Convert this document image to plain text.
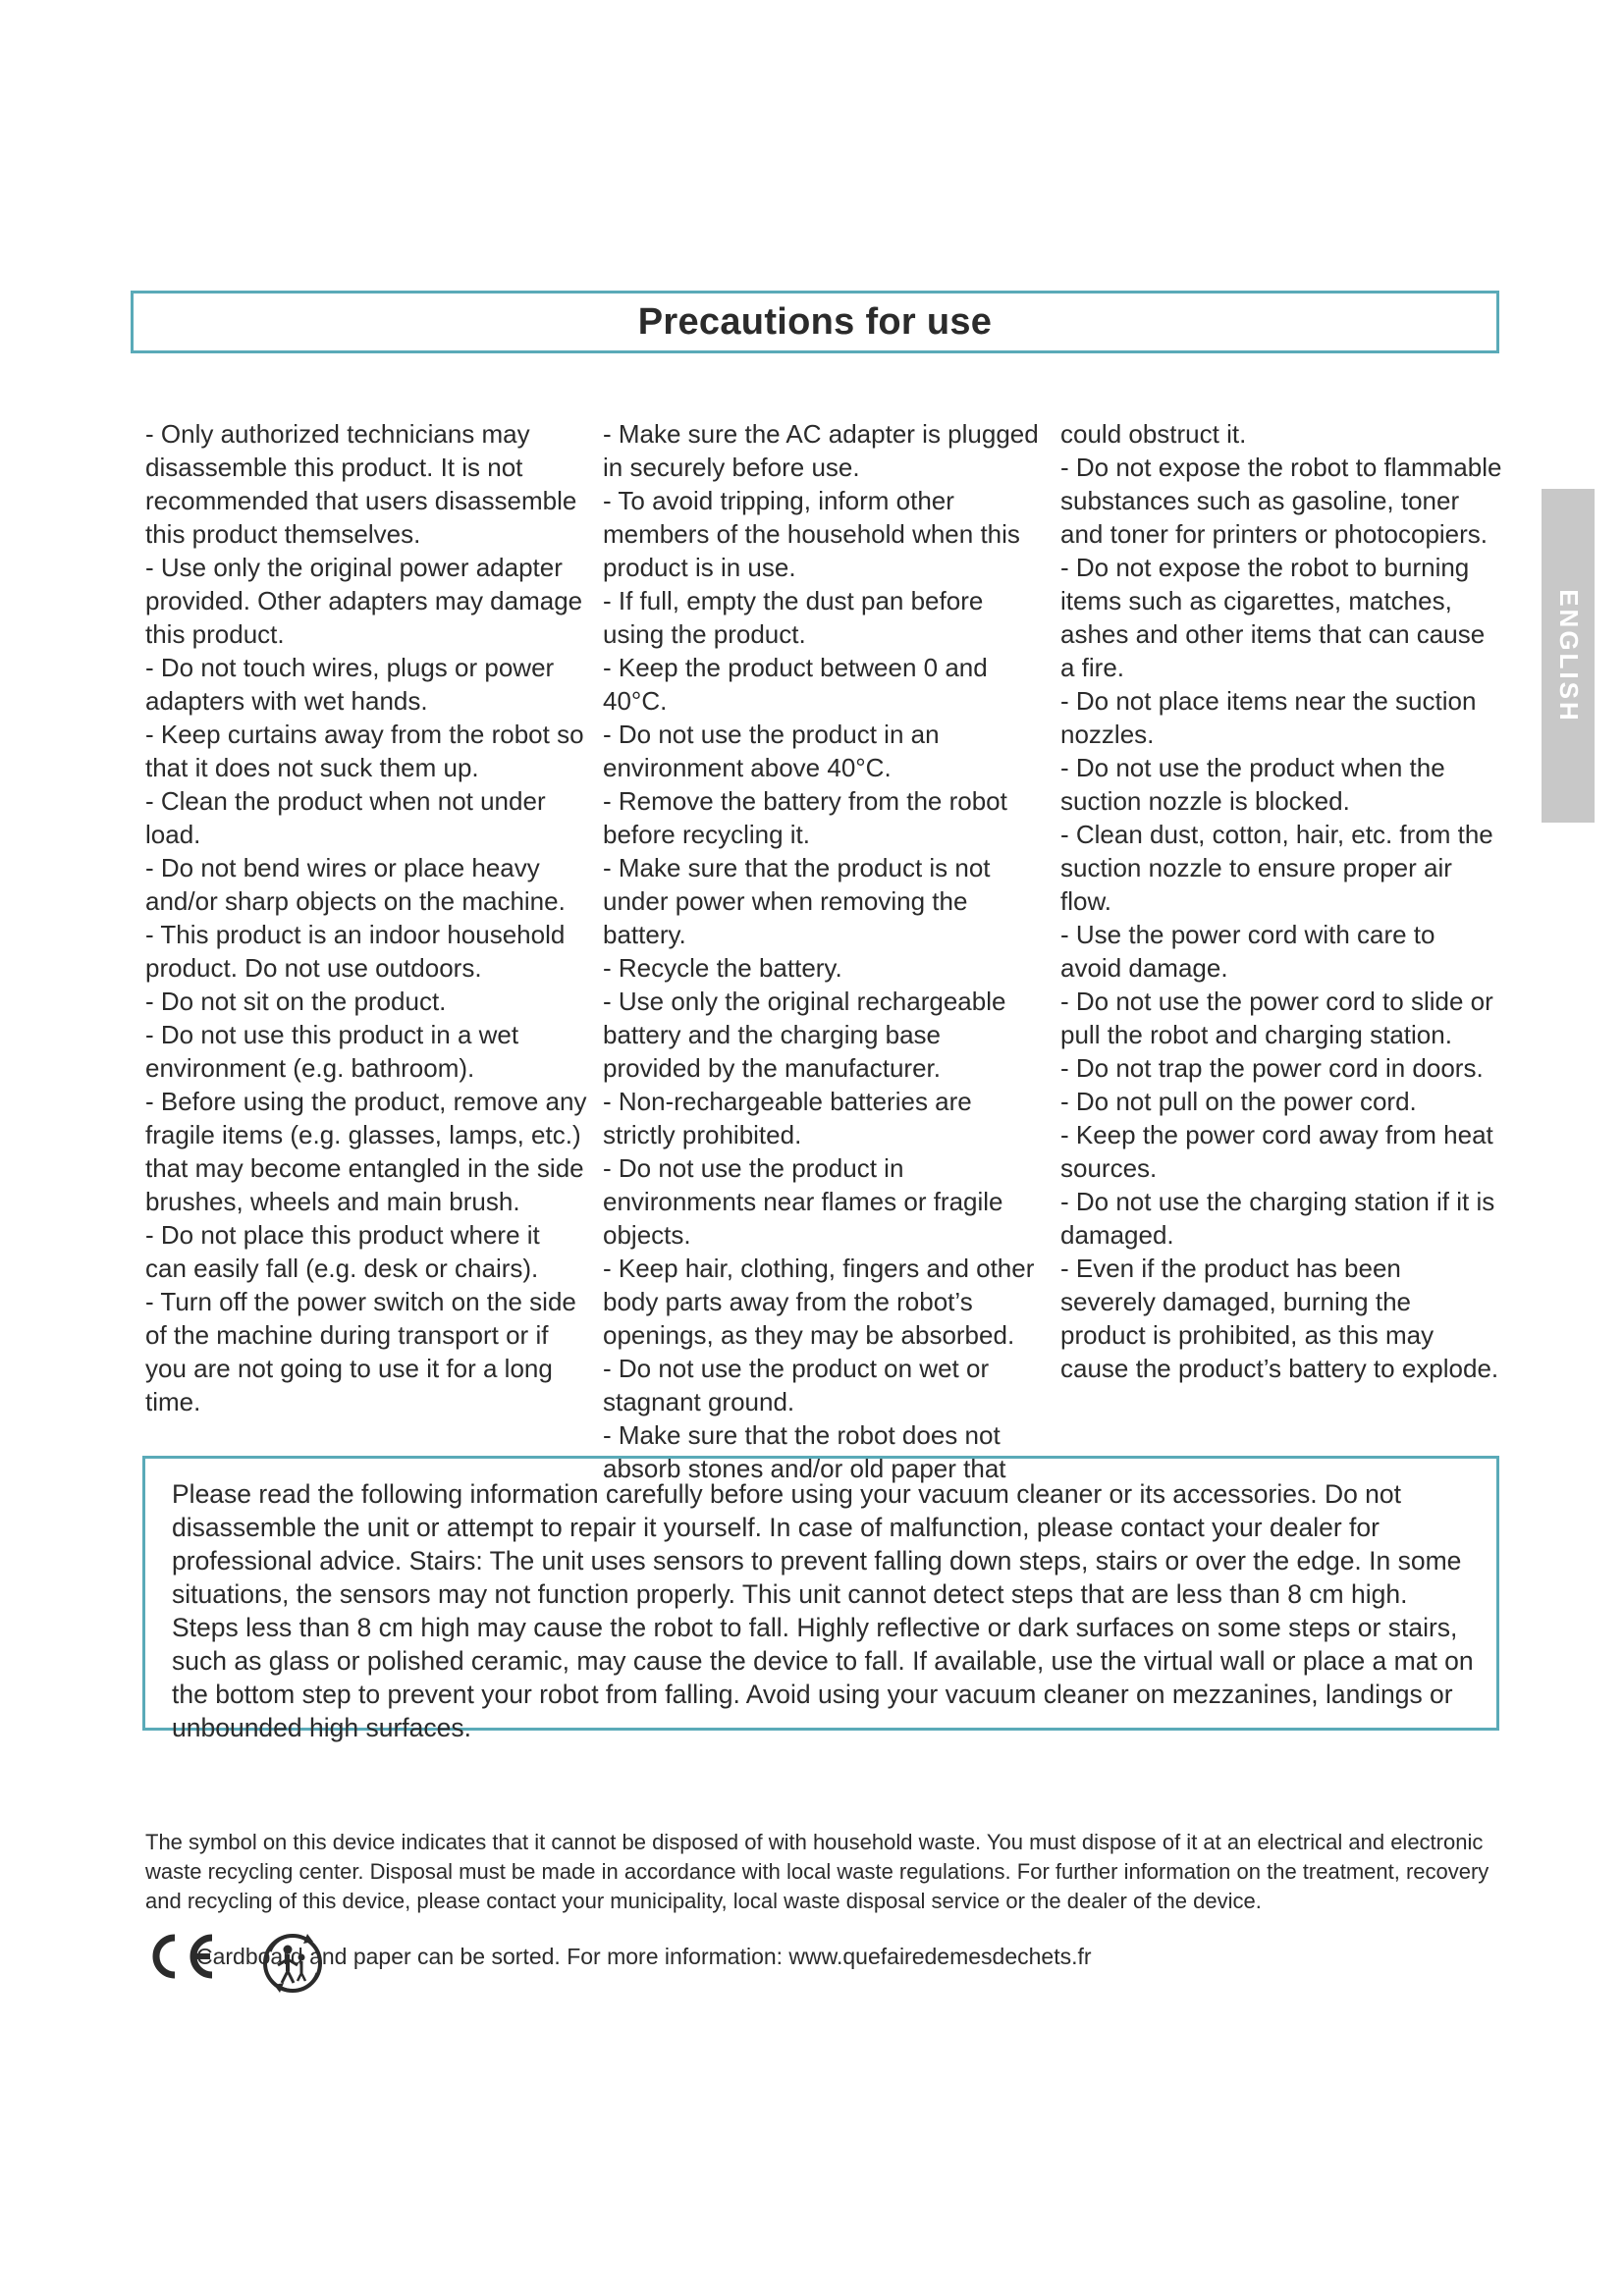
Precautions for use
ENGLISH

- Only authorized technicians may disassemble this product. It is not recommended that users disassemble this product themselves.

- Use only the original power adapter provided. Other adapters may damage this product.

- Do not touch wires, plugs or power adapters with wet hands.

- Keep curtains away from the robot so that it does not suck them up.

- Clean the product when not under load.

- Do not bend wires or place heavy and/or sharp objects on the machine.

- This product is an indoor household product. Do not use outdoors.

- Do not sit on the product.

- Do not use this product in a wet environment (e.g. bathroom).

- Before using the product, remove any fragile items (e.g. glasses, lamps, etc.) that may become entangled in the side brushes, wheels and main brush.

- Do not place this product where it can easily fall (e.g. desk or chairs).

- Turn off the power switch on the side of the machine during transport or if you are not going to use it for a long time.

- Make sure the AC adapter is plugged in securely before use.

- To avoid tripping, inform other members of the household when this product is in use.

- If full, empty the dust pan before using the product.

- Keep the product between 0 and 40°C.

- Do not use the product in an environment above 40°C.

- Remove the battery from the robot before recycling it.

- Make sure that the product is not under power when removing the battery.

- Recycle the battery.

- Use only the original rechargeable battery and the charging base provided by the manufacturer.

- Non-rechargeable batteries are strictly prohibited.

- Do not use the product in environments near flames or fragile objects.

- Keep hair, clothing, fingers and other body parts away from the robot’s openings, as they may be absorbed.

- Do not use the product on wet or stagnant ground.

- Make sure that the robot does not absorb stones and/or old paper that

could obstruct it.

- Do not expose the robot to flammable substances such as gasoline, toner and toner for printers or photocopiers.

- Do not expose the robot to burning items such as cigarettes, matches, ashes and other items that can cause a fire.

- Do not place items near the suction nozzles.

- Do not use the product when the suction nozzle is blocked.

- Clean dust, cotton, hair, etc. from the suction nozzle to ensure proper air flow.

- Use the power cord with care to avoid damage.

- Do not use the power cord to slide or pull the robot and charging station.

- Do not trap the power cord in doors.

- Do not pull on the power cord.

- Keep the power cord away from heat sources.

- Do not use the charging station if it is damaged.

- Even if the product has been severely damaged, burning the product is prohibited, as this may cause the product’s battery to explode.

Please read the following information carefully before using your vacuum cleaner or its accessories. Do not disassemble the unit or attempt to repair it yourself. In case of malfunction, please contact your dealer for professional advice. Stairs: The unit uses sensors to prevent falling down steps, stairs or over the edge. In some situations, the sensors may not function properly. This unit cannot detect steps that are less than 8 cm high. Steps less than 8 cm high may cause the robot to fall. Highly reflective or dark surfaces on some steps or stairs, such as glass or polished ceramic, may cause the device to fall. If available, use the virtual wall or place a mat on the bottom step to prevent your robot from falling. Avoid using your vacuum cleaner on mezzanines, landings or unbounded high surfaces.

The symbol on this device indicates that it cannot be disposed of with household waste. You must dispose of it at an electrical and electronic waste recycling center. Disposal must be made in accordance with local waste regulations. For further information on the treatment, recovery and recycling of this device, please contact your municipality, local waste disposal service or the dealer of the device.

Cardboard and paper can be sorted. For more information: www.quefairedemesdechets.fr
